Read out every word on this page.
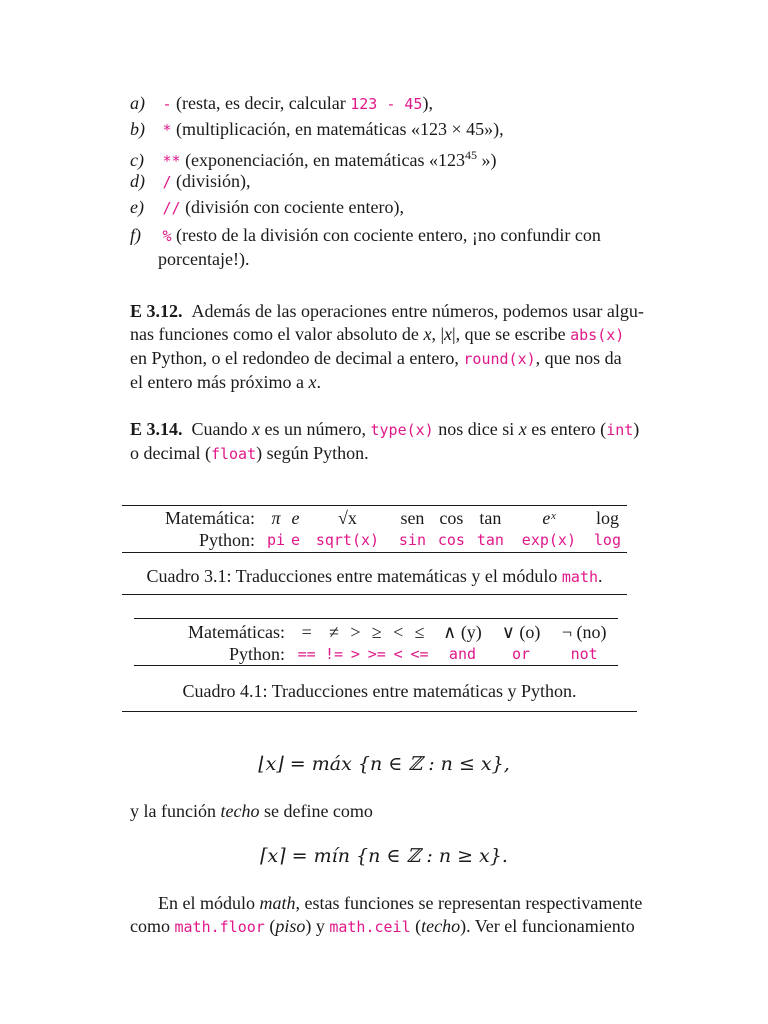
a) - (resta, es decir, calcular 123 - 45),
b) * (multiplicación, en matemáticas «123 × 45»),
c) ** (exponenciación, en matemáticas «$123^{45}$ »)
d) / (división),
e) // (división con cociente entero),
f) % (resto de la división con cociente entero, ¡no confundir con
porcentaje!).
E 3.12. Además de las operaciones entre números, podemos usar algu-
nas funciones como el valor absoluto de x, |x|, que se escribe abs(x)
en Python, o el redondeo de decimal a entero, round(x), que nos da
el entero más próximo a x.
E 3.14. Cuando x es un número, type(x) nos dice si x es entero (int)
o decimal (float) según Python.
Matemática:	π	e	√x	sen	cos	tan	eˣ	log
Python:	pi	e	sqrt(x)	sin	cos	tan	exp(x)	log
Cuadro 3.1: Traducciones entre matemáticas y el módulo math.
Matemáticas:	=	≠	>	≥	<	≤	∧ (y)	∨ (o)	¬ (no)
Python:	==	!=	>	>=	<	<=	and	or	not
Cuadro 4.1: Traducciones entre matemáticas y Python.
⌊x⌋ = máx {n ∈ ℤ : n ≤ x},
y la función techo se define como
⌈x⌉ = mín {n ∈ ℤ : n ≥ x}.
En el módulo math, estas funciones se representan respectivamente
como math.floor (piso) y math.ceil (techo). Ver el funcionamiento
